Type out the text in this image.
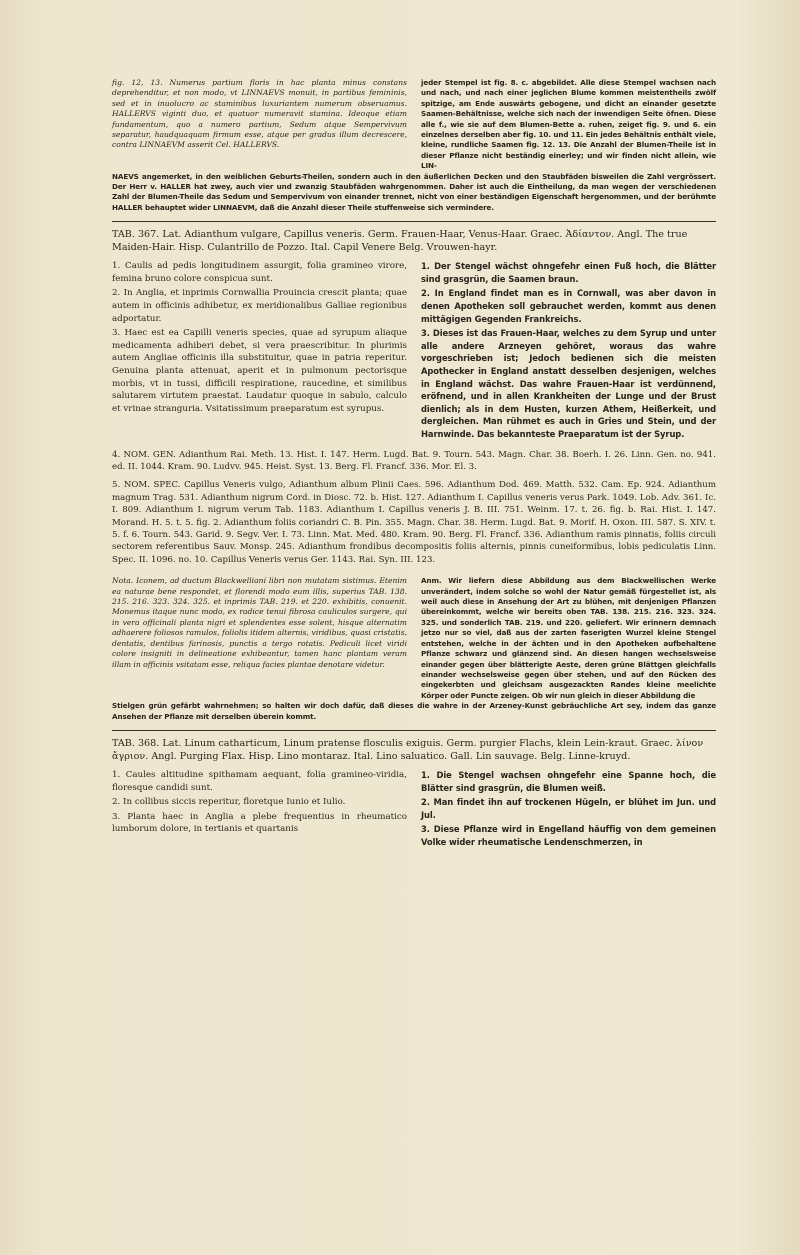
fig. 12, 13. Numerus partium floris in hac planta minus constans deprehenditur, et non modo, vt LINNAEVS monuit, in partibus femininis, sed et in inuolucro ac staminibus luxuriantem numerum obseruamus. HALLERVS viginti duo, et quatuor numeravit stamina. Ideoque etiam fundamentum, quo a numero partium, Sedum atque Sempervivum separatur, haudquaquam firmum esse, atque per gradus illum decrescere, contra LINNAEVM asserit Cel. HALLERVS.
jeder Stempel ist fig. 8. c. abgebildet. Alle diese Stempel wachsen nach und nach, und nach einer jeglichen Blume kommen meistentheils zwölf spitzige, am Ende auswärts gebogene, und dicht an einander gesetzte Saamen-Behältnisse, welche sich nach der inwendigen Seite öfnen. Diese alle f., wie sie auf dem Blumen-Bette a. ruhen, zeiget fig. 9. und 6. ein einzelnes derselben aber fig. 10. und 11. Ein jedes Behältnis enthält viele, kleine, rundliche Saamen fig. 12. 13. Die Anzahl der Blumen-Theile ist in dieser Pflanze nicht beständig einerley; und wir finden nicht allein, wie LIN-
NAEVS angemerket, in den weiblichen Geburts-Theilen, sondern auch in den äußerlichen Decken und den Staubfäden bisweilen die Zahl vergrössert. Der Herr v. HALLER hat zwey, auch vier und zwanzig Staubfäden wahrgenommen. Daher ist auch die Eintheilung, da man wegen der verschiedenen Zahl der Blumen-Theile das Sedum und Sempervivum von einander trennet, nicht von einer beständigen Eigenschaft hergenommen, und der berühmte HALLER behauptet wider LINNAEVM, daß die Anzahl dieser Theile stuffenweise sich vermindere.
TAB. 367. Lat. Adianthum vulgare, Capillus veneris. Germ. Frauen-Haar, Venus-Haar. Graec. Ἀδίαντον. Angl. The true Maiden-Hair. Hisp. Culantrillo de Pozzo. Ital. Capil Venere Belg. Vrouwen-hayr.

1. Caulis ad pedis longitudinem assurgit, folia gramineo virore, femina bruno colore conspicua sunt.

2. In Anglia, et inprimis Cornwallia Prouincia crescit planta; quae autem in officinis adhibetur, ex meridionalibus Galliae regionibus adportatur.

3. Haec est ea Capilli veneris species, quae ad syrupum aliaque medicamenta adhiberi debet, si vera praescribitur. In plurimis autem Angliae officinis illa substituitur, quae in patria reperitur. Genuina planta attenuat, aperit et in pulmonum pectorisque morbis, vt in tussi, difficili respiratione, raucedine, et similibus salutarem virtutem praestat. Laudatur quoque in sabulo, calculo et vrinae stranguria. Vsitatissimum praeparatum est syrupus.

1. Der Stengel wächst ohngefehr einen Fuß hoch, die Blätter sind grasgrün, die Saamen braun.

2. In England findet man es in Cornwall, was aber davon in denen Apotheken soll gebrauchet werden, kommt aus denen mittägigen Gegenden Frankreichs.

3. Dieses ist das Frauen-Haar, welches zu dem Syrup und unter alle andere Arzneyen gehöret, woraus das wahre vorgeschrieben ist; Jedoch bedienen sich die meisten Apothecker in England anstatt desselben desjenigen, welches in England wächst. Das wahre Frauen-Haar ist verdünnend, eröfnend, und in allen Krankheiten der Lunge und der Brust dienlich; als in dem Husten, kurzen Athem, Heißerkeit, und dergleichen. Man rühmet es auch in Gries und Stein, und der Harnwinde. Das bekannteste Praeparatum ist der Syrup.

4. NOM. GEN. Adianthum Rai. Meth. 13. Hist. I. 147. Herm. Lugd. Bat. 9. Tourn. 543. Magn. Char. 38. Boerh. I. 26. Linn. Gen. no. 941. ed. II. 1044. Kram. 90. Ludvv. 945. Heist. Syst. 13. Berg. Fl. Francf. 336. Mor. El. 3.

5. NOM. SPEC. Capillus Veneris vulgo, Adianthum album Plinii Caes. 596. Adianthum Dod. 469. Matth. 532. Cam. Ep. 924. Adianthum magnum Trag. 531. Adianthum nigrum Cord. in Diosc. 72. b. Hist. 127. Adianthum I. Capillus veneris verus Park. 1049. Lob. Adv. 361. Ic. I. 809. Adianthum I. nigrum verum Tab. 1183. Adianthum I. Capillus veneris J. B. III. 751. Weinm. 17. t. 26. fig. b. Rai. Hist. I. 147. Morand. H. 5. t. 5. fig. 2. Adianthum foliis coriandri C. B. Pin. 355. Magn. Char. 38. Herm. Lugd. Bat. 9. Morif. H. Oxon. III. 587. S. XIV. t. 5. f. 6. Tourn. 543. Garid. 9. Segv. Ver. I. 73. Linn. Mat. Med. 480. Kram. 90. Berg. Fl. Francf. 336. Adianthum ramis pinnatis, foliis circuli sectorem referentibus Sauv. Monsp. 245. Adianthum frondibus decompositis foliis alternis, pinnis cuneiformibus, lobis pediculatis Linn. Spec. II. 1096. no. 10. Capillus Veneris verus Ger. 1143. Rai. Syn. III. 123.

Nota. Iconem, ad ductum Blackwellianí libri non mutatam sistimus. Etenim ea naturae bene respondet, et florendi modo eum illis, superius TAB. 138. 215. 216. 323. 324. 325. et inprimis TAB. 219. et 220. exhibitis, conuenit. Monemus itaque nunc modo, ex radice tenui fibrosa cauliculos surgere, qui in vera officinali planta nigri et splendentes esse solent, hisque alternatim adhaerere foliosos ramulos, foliolis itidem alternis, viridibus, quasi cristatis, dentatis, dentibus farinosis, punctis a tergo rotatis. Pediculi licet viridi colore insigniti in delineatione exhibeantur, tamen hanc plantam veram illam in officinis vsitatam esse, reliqua facies plantae denotare videtur.
Anm. Wir liefern diese Abbildung aus dem Blackwellischen Werke unverändert, indem solche so wohl der Natur gemäß fürgestellet ist, als weil auch diese in Ansehung der Art zu blühen, mit denjenigen Pflanzen übereinkommt, welche wir bereits oben TAB. 138. 215. 216. 323. 324. 325. und sonderlich TAB. 219. und 220. geliefert. Wir erinnern demnach jetzo nur so viel, daß aus der zarten faserigten Wurzel kleine Stengel entstehen, welche in der ächten und in den Apotheken aufbehaltene Pflanze schwarz und glänzend sind. An diesen hangen wechselsweise einander gegen über blätterigte Aeste, deren grüne Blättgen gleichfalls einander wechselsweise gegen über stehen, und auf den Rücken des eingekerbten und gleichsam ausgezackten Randes kleine meelichte Körper oder Puncte zeigen. Ob wir nun gleich in dieser Abbildung die
Stielgen grün gefärbt wahrnehmen; so halten wir doch dafür, daß dieses die wahre in der Arzeney-Kunst gebräuchliche Art sey, indem das ganze Ansehen der Pflanze mit derselben überein kommt.
TAB. 368. Lat. Linum catharticum, Linum pratense flosculis exiguis. Germ. purgier Flachs, klein Lein-kraut. Graec. λίνον ἄγριον. Angl. Purging Flax. Hisp. Lino montaraz. Ital. Lino saluatico. Gall. Lin sauvage. Belg. Linne-kruyd.

1. Caules altitudine spithamam aequant, folia gramineo-viridia, floresque candidi sunt.

2. In collibus siccis reperitur, floretque Iunio et Iulio.

3. Planta haec in Anglia a plebe frequentius in rheumatico lumborum dolore, in tertianis et quartanis

1. Die Stengel wachsen ohngefehr eine Spanne hoch, die Blätter sind grasgrün, die Blumen weiß.

2. Man findet ihn auf trockenen Hügeln, er blühet im Jun. und Jul.

3. Diese Pflanze wird in Engelland häuffig von dem gemeinen Volke wider rheumatische Lendenschmerzen, in
